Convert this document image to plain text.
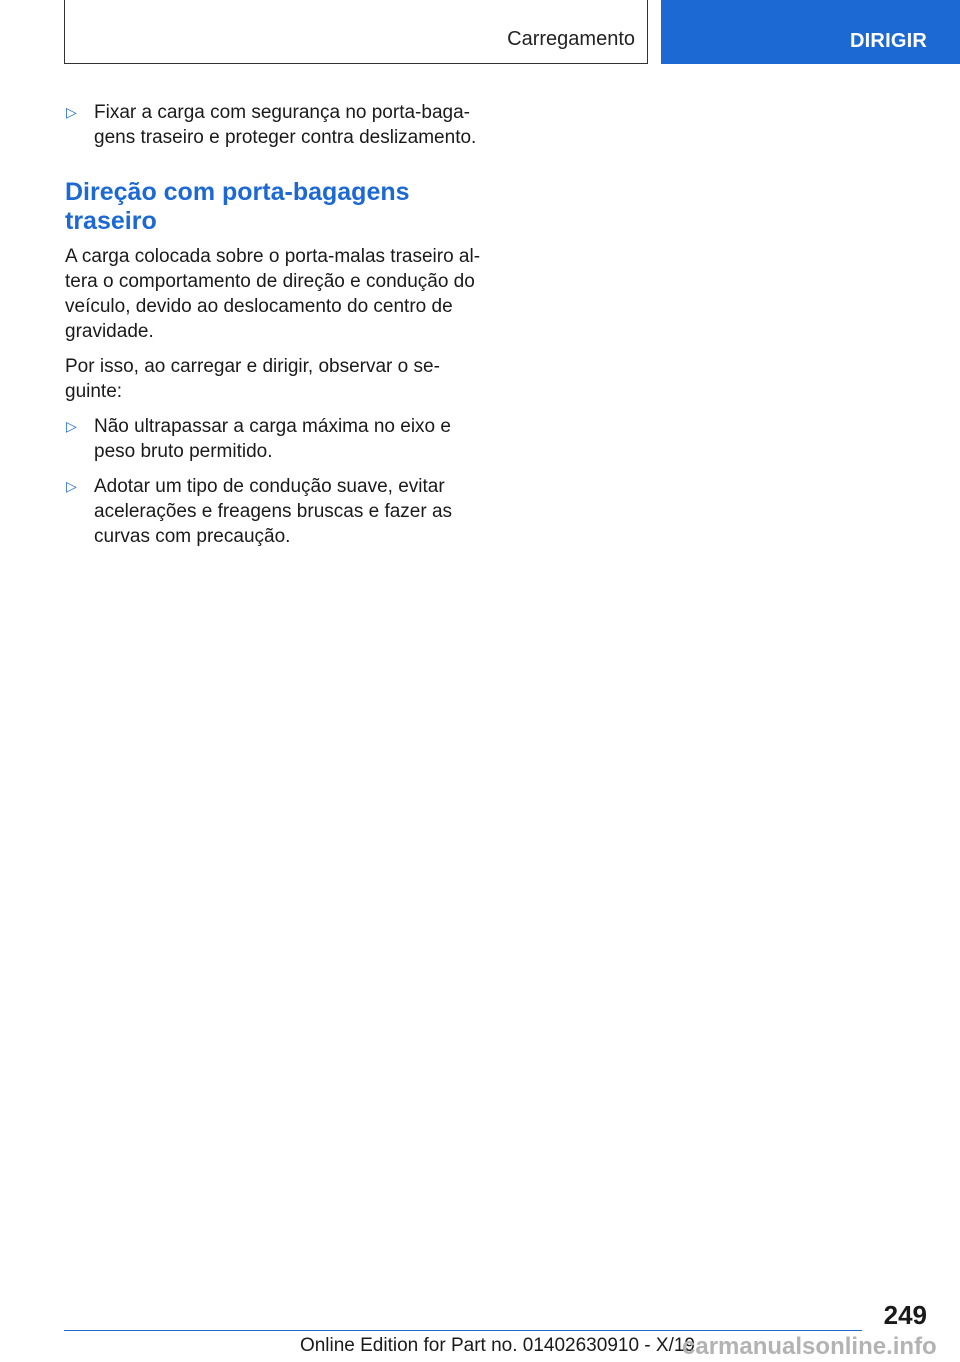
Carregamento	DIRIGIR
▷ Fixar a carga com segurança no porta-bagagens traseiro e proteger contra deslizamento.
Direção com porta-bagagens traseiro

A carga colocada sobre o porta-malas traseiro altera o comportamento de direção e condução do veículo, devido ao deslocamento do centro de gravidade.

Por isso, ao carregar e dirigir, observar o seguinte:

▷ Não ultrapassar a carga máxima no eixo e peso bruto permitido.
▷ Adotar um tipo de condução suave, evitar acelerações e freagens bruscas e fazer as curvas com precaução.
249
Online Edition for Part no. 01402630910 - X/19
carmanualsonline.info
